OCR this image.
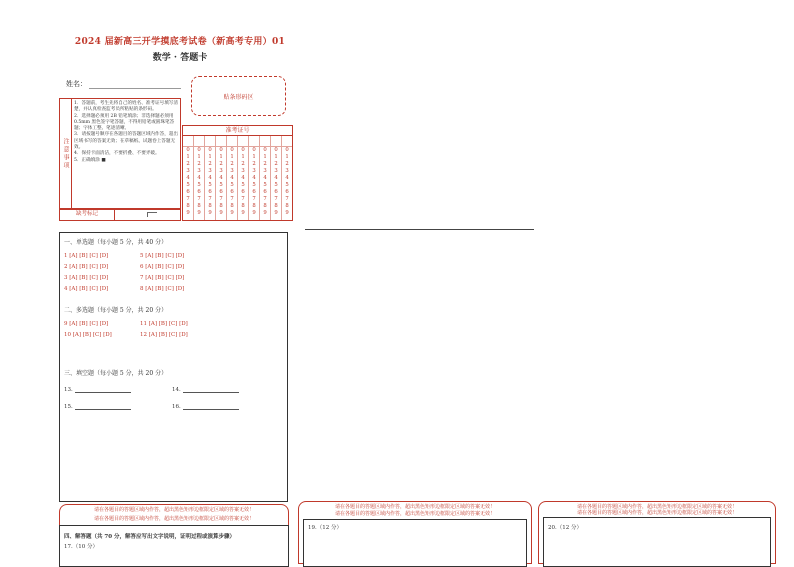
2024 届新高三开学摸底考试卷（新高考专用）01
数学 · 答题卡
姓名：
贴条形码区
注意事项
1．答题前，考生先将自己的姓名、准考证号填写清楚，并认真检查监考员所粘贴的条形码。
2．选择题必须用 2B 铅笔填涂；非选择题必须用 0.5mm 黑色签字笔答题，不得用铅笔或圆珠笔答题；字体工整、笔迹清晰。
3．请按题号顺序在各题目的答题区域内作答，超出区域书写的答案无效；在草稿纸、试题卷上答题无效。
4．保持卡面清洁，不要折叠、不要弄破。
5．正确填涂 ■
缺考标记
准考证号
0
1
2
3
4
5
6
7
8
9
0
1
2
3
4
5
6
7
8
9
0
1
2
3
4
5
6
7
8
9
0
1
2
3
4
5
6
7
8
9
0
1
2
3
4
5
6
7
8
9
0
1
2
3
4
5
6
7
8
9
0
1
2
3
4
5
6
7
8
9
0
1
2
3
4
5
6
7
8
9
0
1
2
3
4
5
6
7
8
9
0
1
2
3
4
5
6
7
8
9
一、单选题（每小题 5 分，共 40 分）
1 [A] [B] [C] [D]
2 [A] [B] [C] [D]
3 [A] [B] [C] [D]
4 [A] [B] [C] [D]
5 [A] [B] [C] [D]
6 [A] [B] [C] [D]
7 [A] [B] [C] [D]
8 [A] [B] [C] [D]
二、多选题（每小题 5 分，共 20 分）
9 [A] [B] [C] [D]
10 [A] [B] [C] [D]
11 [A] [B] [C] [D]
12 [A] [B] [C] [D]
三、填空题（每小题 5 分，共 20 分）
13.	14.
15.	16.
请在各题目的答题区域内作答，超出黑色矩形边框限定区域的答案无效！
请在各题目的答题区域内作答，超出黑色矩形边框限定区域的答案无效！
四、解答题（共 70 分，解答应写出文字说明，证明过程或演算步骤）
17.（10 分）
请在各题目的答题区域内作答，超出黑色矩形边框限定区域的答案无效！
请在各题目的答题区域内作答，超出黑色矩形边框限定区域的答案无效！
19.（12 分）
请在各题目的答题区域内作答，超出黑色矩形边框限定区域的答案无效！
请在各题目的答题区域内作答，超出黑色矩形边框限定区域的答案无效！
20.（12 分）
